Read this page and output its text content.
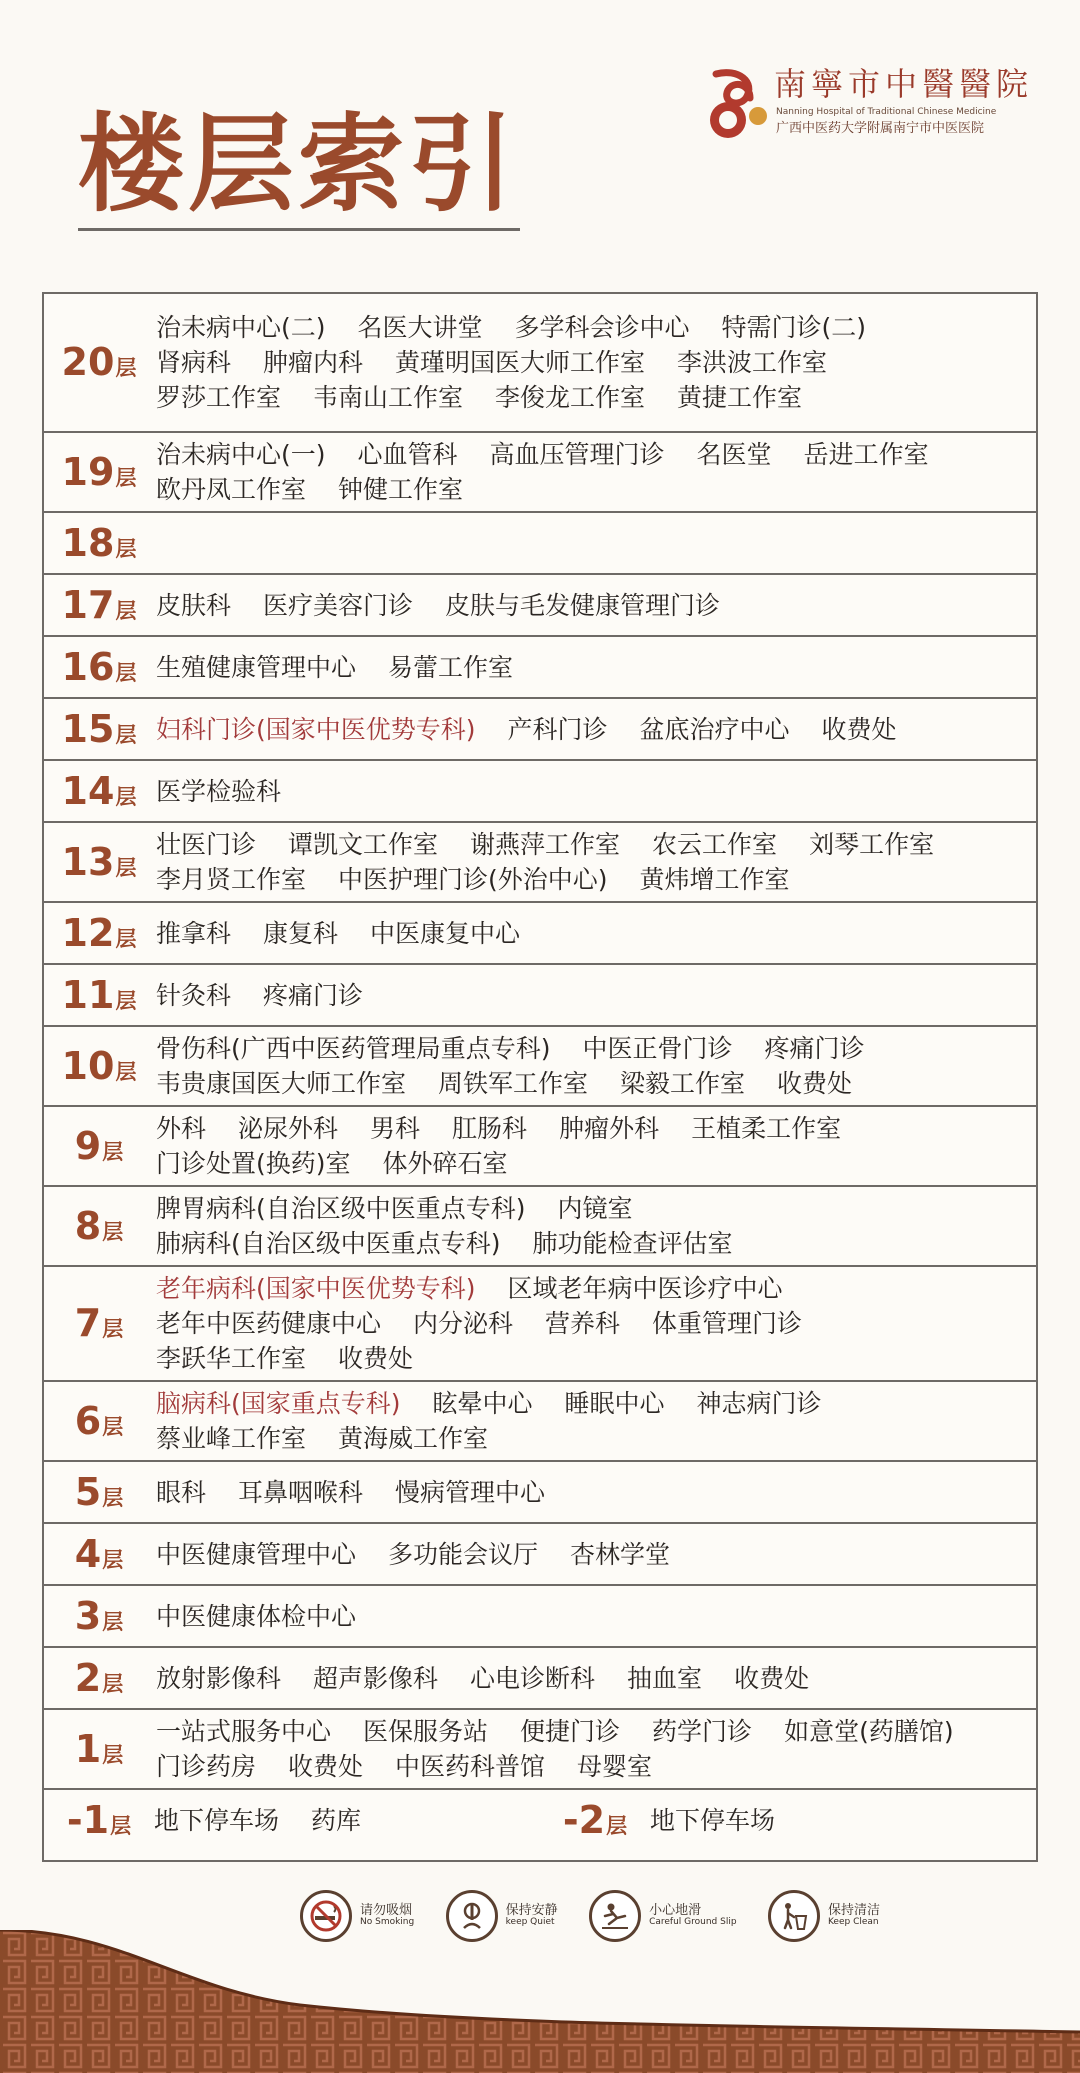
楼层索引
南寧市中醫醫院
Nanning Hospital of Traditional Chinese Medicine
广西中医药大学附属南宁市中医医院
20 层
治未病中心(二) 名医大讲堂 多学科会诊中心 特需门诊(二)
肾病科 肿瘤内科 黄瑾明国医大师工作室 李洪波工作室
罗莎工作室 韦南山工作室 李俊龙工作室 黄捷工作室
19 层
治未病中心(一) 心血管科 高血压管理门诊 名医堂 岳进工作室
欧丹凤工作室 钟健工作室
18 层
17 层 皮肤科 医疗美容门诊 皮肤与毛发健康管理门诊
16 层 生殖健康管理中心 易蕾工作室
15 层 妇科门诊(国家中医优势专科) 产科门诊 盆底治疗中心 收费处
14 层 医学检验科
13 层
壮医门诊 谭凯文工作室 谢燕萍工作室 农云工作室 刘琴工作室
李月贤工作室 中医护理门诊(外治中心) 黄炜增工作室
12 层 推拿科 康复科 中医康复中心
11 层 针灸科 疼痛门诊
10 层
骨伤科(广西中医药管理局重点专科) 中医正骨门诊 疼痛门诊
韦贵康国医大师工作室 周铁军工作室 梁毅工作室 收费处
9 层
外科 泌尿外科 男科 肛肠科 肿瘤外科 王植柔工作室
门诊处置(换药)室 体外碎石室
8 层
脾胃病科(自治区级中医重点专科) 内镜室
肺病科(自治区级中医重点专科) 肺功能检查评估室
7 层
老年病科(国家中医优势专科) 区域老年病中医诊疗中心
老年中医药健康中心 内分泌科 营养科 体重管理门诊
李跃华工作室 收费处
6 层
脑病科(国家重点专科) 眩晕中心 睡眠中心 神志病门诊
蔡业峰工作室 黄海威工作室
5 层 眼科 耳鼻咽喉科 慢病管理中心
4 层 中医健康管理中心 多功能会议厅 杏林学堂
3 层 中医健康体检中心
2 层 放射影像科 超声影像科 心电诊断科 抽血室 收费处
1 层
一站式服务中心 医保服务站 便捷门诊 药学门诊 如意堂(药膳馆)
门诊药房 收费处 中医药科普馆 母婴室
-1 层 地下停车场 药库	-2 层 地下停车场
请勿吸烟
No Smoking
保持安静
keep Quiet
小心地滑
Careful Ground Slip
保持清洁
Keep Clean
